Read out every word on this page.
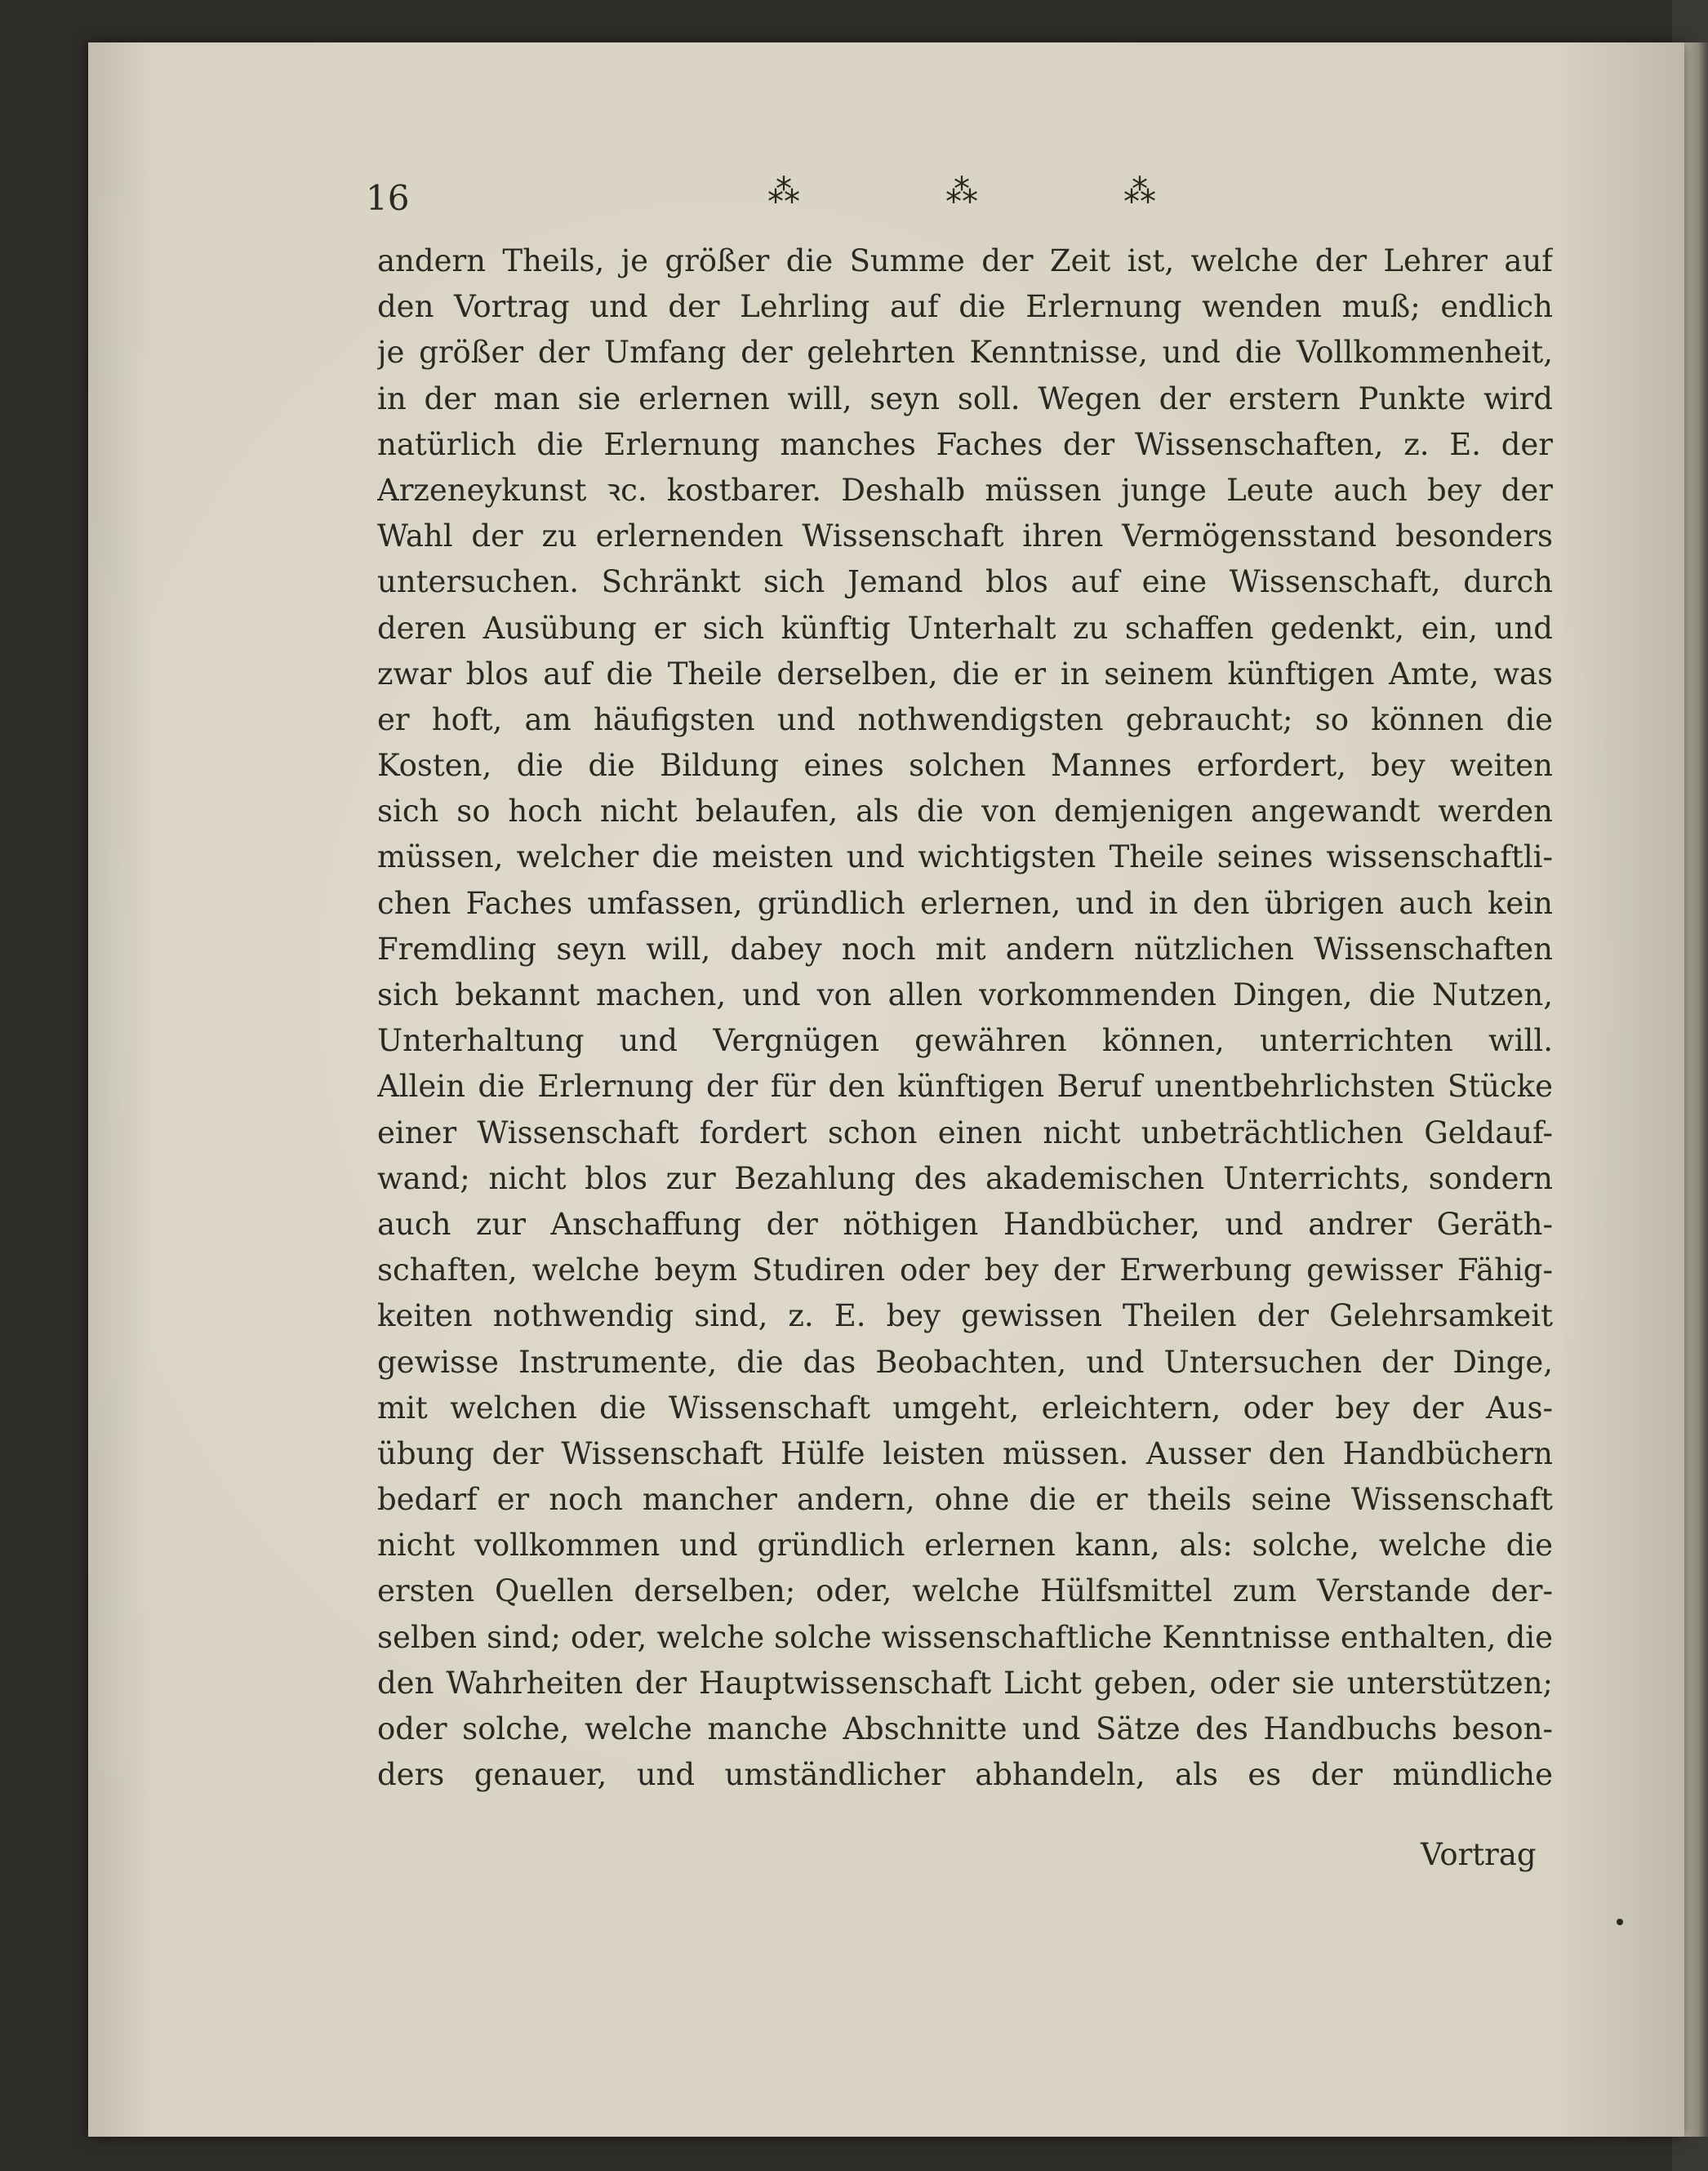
16	⁂	⁂	⁂
andern Theils, je größer die Summe der Zeit ist, welche der Lehrer auf
den Vortrag und der Lehrling auf die Erlernung wenden muß; endlich
je größer der Umfang der gelehrten Kenntnisse, und die Vollkommenheit,
in der man sie erlernen will, seyn soll. Wegen der erstern Punkte wird
natürlich die Erlernung manches Faches der Wissenschaften, z. E. der
Arzeneykunst ꝛc. kostbarer. Deshalb müssen junge Leute auch bey der
Wahl der zu erlernenden Wissenschaft ihren Vermögensstand besonders
untersuchen. Schränkt sich Jemand blos auf eine Wissenschaft, durch
deren Ausübung er sich künftig Unterhalt zu schaffen gedenkt, ein, und
zwar blos auf die Theile derselben, die er in seinem künftigen Amte, was
er hoft, am häufigsten und nothwendigsten gebraucht; so können die
Kosten, die die Bildung eines solchen Mannes erfordert, bey weiten
sich so hoch nicht belaufen, als die von demjenigen angewandt werden
müssen, welcher die meisten und wichtigsten Theile seines wissenschaftli-
chen Faches umfassen, gründlich erlernen, und in den übrigen auch kein
Fremdling seyn will, dabey noch mit andern nützlichen Wissenschaften
sich bekannt machen, und von allen vorkommenden Dingen, die Nutzen,
Unterhaltung und Vergnügen gewähren können, unterrichten will.
Allein die Erlernung der für den künftigen Beruf unentbehrlichsten Stücke
einer Wissenschaft fordert schon einen nicht unbeträchtlichen Geldauf-
wand; nicht blos zur Bezahlung des akademischen Unterrichts, sondern
auch zur Anschaffung der nöthigen Handbücher, und andrer Geräth-
schaften, welche beym Studiren oder bey der Erwerbung gewisser Fähig-
keiten nothwendig sind, z. E. bey gewissen Theilen der Gelehrsamkeit
gewisse Instrumente, die das Beobachten, und Untersuchen der Dinge,
mit welchen die Wissenschaft umgeht, erleichtern, oder bey der Aus-
übung der Wissenschaft Hülfe leisten müssen. Ausser den Handbüchern
bedarf er noch mancher andern, ohne die er theils seine Wissenschaft
nicht vollkommen und gründlich erlernen kann, als: solche, welche die
ersten Quellen derselben; oder, welche Hülfsmittel zum Verstande der-
selben sind; oder, welche solche wissenschaftliche Kenntnisse enthalten, die
den Wahrheiten der Hauptwissenschaft Licht geben, oder sie unterstützen;
oder solche, welche manche Abschnitte und Sätze des Handbuchs beson-
ders genauer, und umständlicher abhandeln, als es der mündliche
Vortrag
